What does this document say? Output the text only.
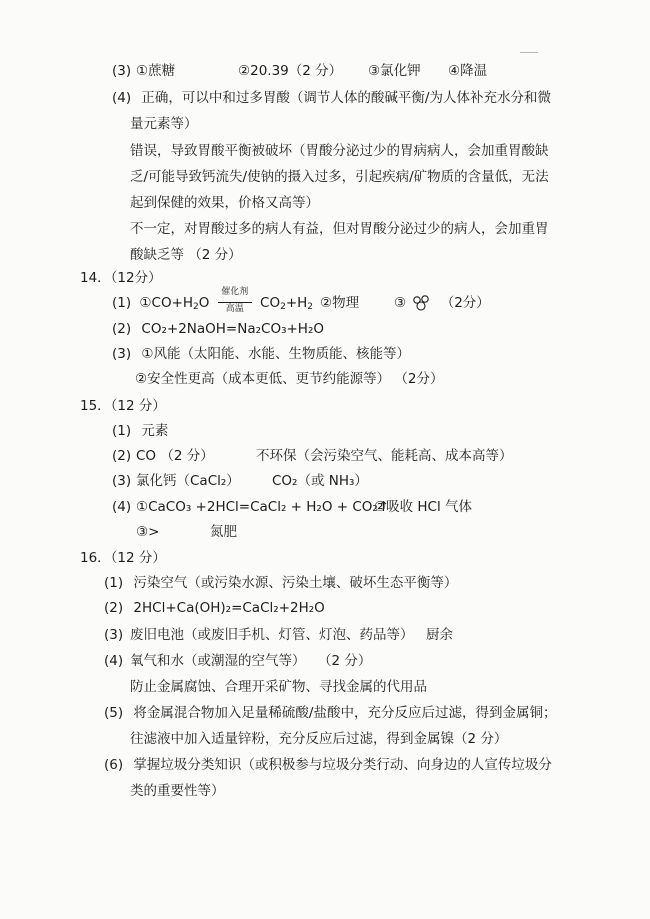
(3) ①蔗糖	②20.39（2 分） ③氯化钾 ④降温
(4) 正确，可以中和过多胃酸（调节人体的酸碱平衡/为人体补充水分和微
量元素等）
错误，导致胃酸平衡被破坏（胃酸分泌过少的胃病病人，会加重胃酸缺
乏/可能导致钙流失/使钠的摄入过多，引起疾病/矿物质的含量低，无法
起到保健的效果，价格又高等）
不一定，对胃酸过多的病人有益，但对胃酸分泌过少的病人，会加重胃
酸缺乏等 （2 分）
14．（12分）
(1) $①CO+H_2O \frac{\text{催化剂}}{\text{高温}} CO_2+H_2$ ②物理	③	（2分）
(2) CO₂+2NaOH=Na₂CO₃+H₂O
(3) ①风能（太阳能、水能、生物质能、核能等）
②安全性更高（成本更低、更节约能源等） （2分）
15．（12 分）
(1) 元素
(2) CO （2 分）	不环保（会污染空气、能耗高、成本高等）
(3) 氯化钙（CaCl₂） CO₂（或 NH₃）
(4) ①CaCO₃ +2HCl=CaCl₂ + H₂O + CO₂↑
②吸收 HCl 气体
③>	氮肥
16．（12 分）
(1) 污染空气（或污染水源、污染土壤、破坏生态平衡等）
(2) 2HCl+Ca(OH)₂=CaCl₂+2H₂O
(3) 废旧电池（或废旧手机、灯管、灯泡、药品等） 厨余
(4) 氧气和水（或潮湿的空气等） （2 分）
防止金属腐蚀、合理开采矿物、寻找金属的代用品
(5) 将金属混合物加入足量稀硫酸/盐酸中，充分反应后过滤，得到金属铜；
往滤液中加入适量锌粉，充分反应后过滤，得到金属镍（2 分）
(6) 掌握垃圾分类知识（或积极参与垃圾分类行动、向身边的人宣传垃圾分
类的重要性等）
